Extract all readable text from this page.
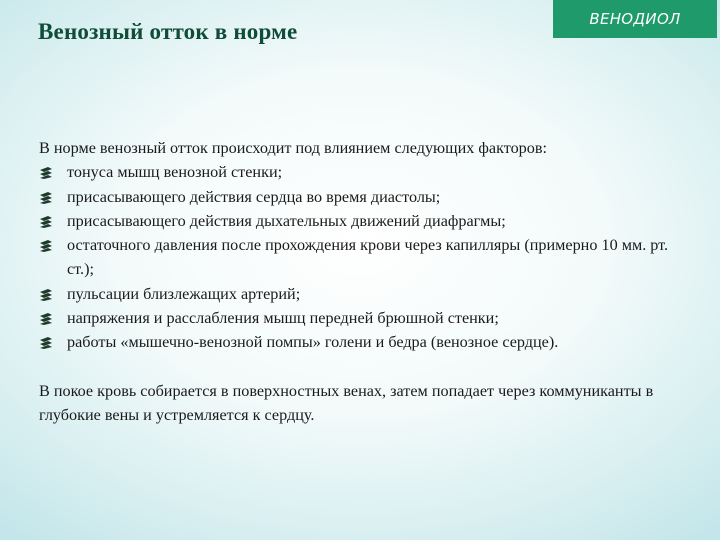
Венозный отток в норме	ВЕНОДИОЛ

В норме венозный отток происходит под влиянием следующих факторов:

тонуса мышц венозной стенки;
присасывающего действия сердца во время диастолы;
присасывающего действия дыхательных движений диафрагмы;
остаточного давления после прохождения крови через капилляры (примерно 10 мм. рт. ст.);
пульсации близлежащих артерий;
напряжения и расслабления мышц передней брюшной стенки;
работы «мышечно-венозной помпы» голени и бедра (венозное сердце).

В покое кровь собирается в поверхностных венах, затем попадает через коммуниканты в глубокие вены и устремляется к сердцу.
